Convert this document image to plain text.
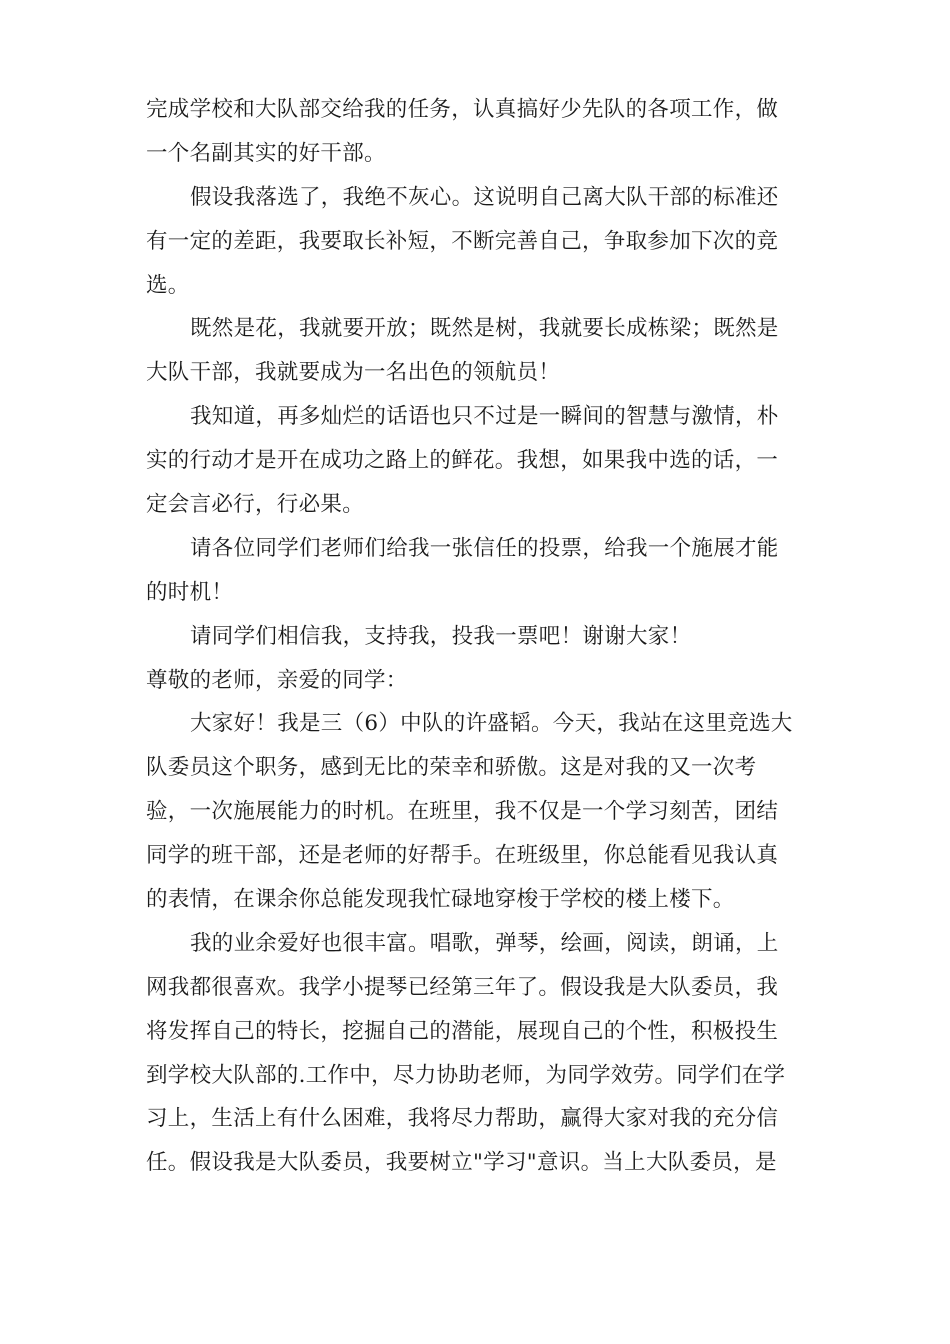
完成学校和大队部交给我的任务，认真搞好少先队的各项工作，做
一个名副其实的好干部。
假设我落选了，我绝不灰心。这说明自己离大队干部的标准还
有一定的差距，我要取长补短，不断完善自己，争取参加下次的竞
选。
既然是花，我就要开放；既然是树，我就要长成栋梁；既然是
大队干部，我就要成为一名出色的领航员！
我知道，再多灿烂的话语也只不过是一瞬间的智慧与激情，朴
实的行动才是开在成功之路上的鲜花。我想，如果我中选的话，一
定会言必行，行必果。
请各位同学们老师们给我一张信任的投票，给我一个施展才能
的时机！
请同学们相信我，支持我，投我一票吧！谢谢大家！
尊敬的老师，亲爱的同学：
大家好！我是三（6）中队的许盛韬。今天，我站在这里竞选大
队委员这个职务，感到无比的荣幸和骄傲。这是对我的又一次考
验，一次施展能力的时机。在班里，我不仅是一个学习刻苦，团结
同学的班干部，还是老师的好帮手。在班级里，你总能看见我认真
的表情，在课余你总能发现我忙碌地穿梭于学校的楼上楼下。
我的业余爱好也很丰富。唱歌，弹琴，绘画，阅读，朗诵，上
网我都很喜欢。我学小提琴已经第三年了。假设我是大队委员，我
将发挥自己的特长，挖掘自己的潜能，展现自己的个性，积极投生
到学校大队部的.工作中，尽力协助老师，为同学效劳。同学们在学
习上，生活上有什么困难，我将尽力帮助，赢得大家对我的充分信
任。假设我是大队委员，我要树立"学习"意识。当上大队委员，是
